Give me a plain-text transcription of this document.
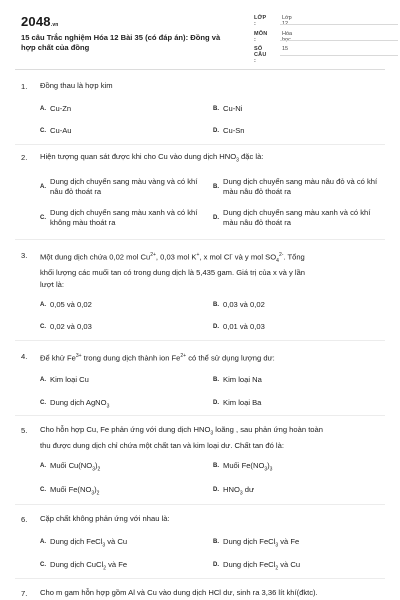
2048.vn
15 câu Trắc nghiệm Hóa 12 Bài 35 (có đáp án): Đồng và hợp chất của đồng
LỚP :
Lớp 12
MÔN :
Hóa học
SỐ CÂU :
15
1. Đồng thau là hợp kim
A. Cu-Zn	B. Cu-Ni
C. Cu-Au	D. Cu-Sn
2. Hiện tượng quan sát được khi cho Cu vào dung dịch $HNO_3$ đặc là:
A.
Dung dịch chuyển sang màu vàng và có khí nâu đỏ thoát ra	B.
Dung dịch chuyển sang màu nâu đỏ và có khí màu nâu đỏ thoát ra
C.
Dung dịch chuyển sang màu xanh và có khí không màu thoát ra	D.
Dung dịch chuyển sang màu xanh và có khí màu nâu đỏ thoát ra
3. Một dung dịch chứa 0,02 mol $Cu^{2+}$, 0,03 mol K+, x mol Cl- và y mol $SO_4^{2-}$. Tổng
khối lượng các muối tan có trong dung dịch là 5,435 gam. Giá trị của x và y lần
lượt là:
A. 0,05 và 0,02	B. 0,03 và 0,02
C. 0,02 và 0,03	D. 0,01 và 0,03
4. Để khử $Fe^{3+}$ trong dung dịch thành ion $Fe^{2+}$ có thể sử dụng lượng dư:
A. Kim loại Cu	B. Kim loại Na
C. Dung dịch AgNO$_3$
D. Kim loại Ba
5. Cho hỗn hợp Cu, Fe phản ứng với dung dịch $HNO_3$ loãng , sau phản ứng hoàn toàn
thu được dung dịch chỉ chứa một chất tan và kim loại dư. Chất tan đó là:
A. Muối $Cu(NO_3)_2$
B. Muối $Fe(NO_3)_3$
C. Muối $Fe(NO_3)_2$
D. $HNO_3$ dư
6. Cặp chất không phản ứng với nhau là:
A. Dung dịch FeCl$_3$ và Cu	B. Dung dịch FeCl$_3$ và Fe
C. Dung dịch CuCl$_2$ và Fe	D. Dung dịch FeCl$_2$ và Cu
7. Cho m gam hỗn hợp gồm Al và Cu vào dung dịch HCl dư, sinh ra 3,36 lít khí(đktc).
